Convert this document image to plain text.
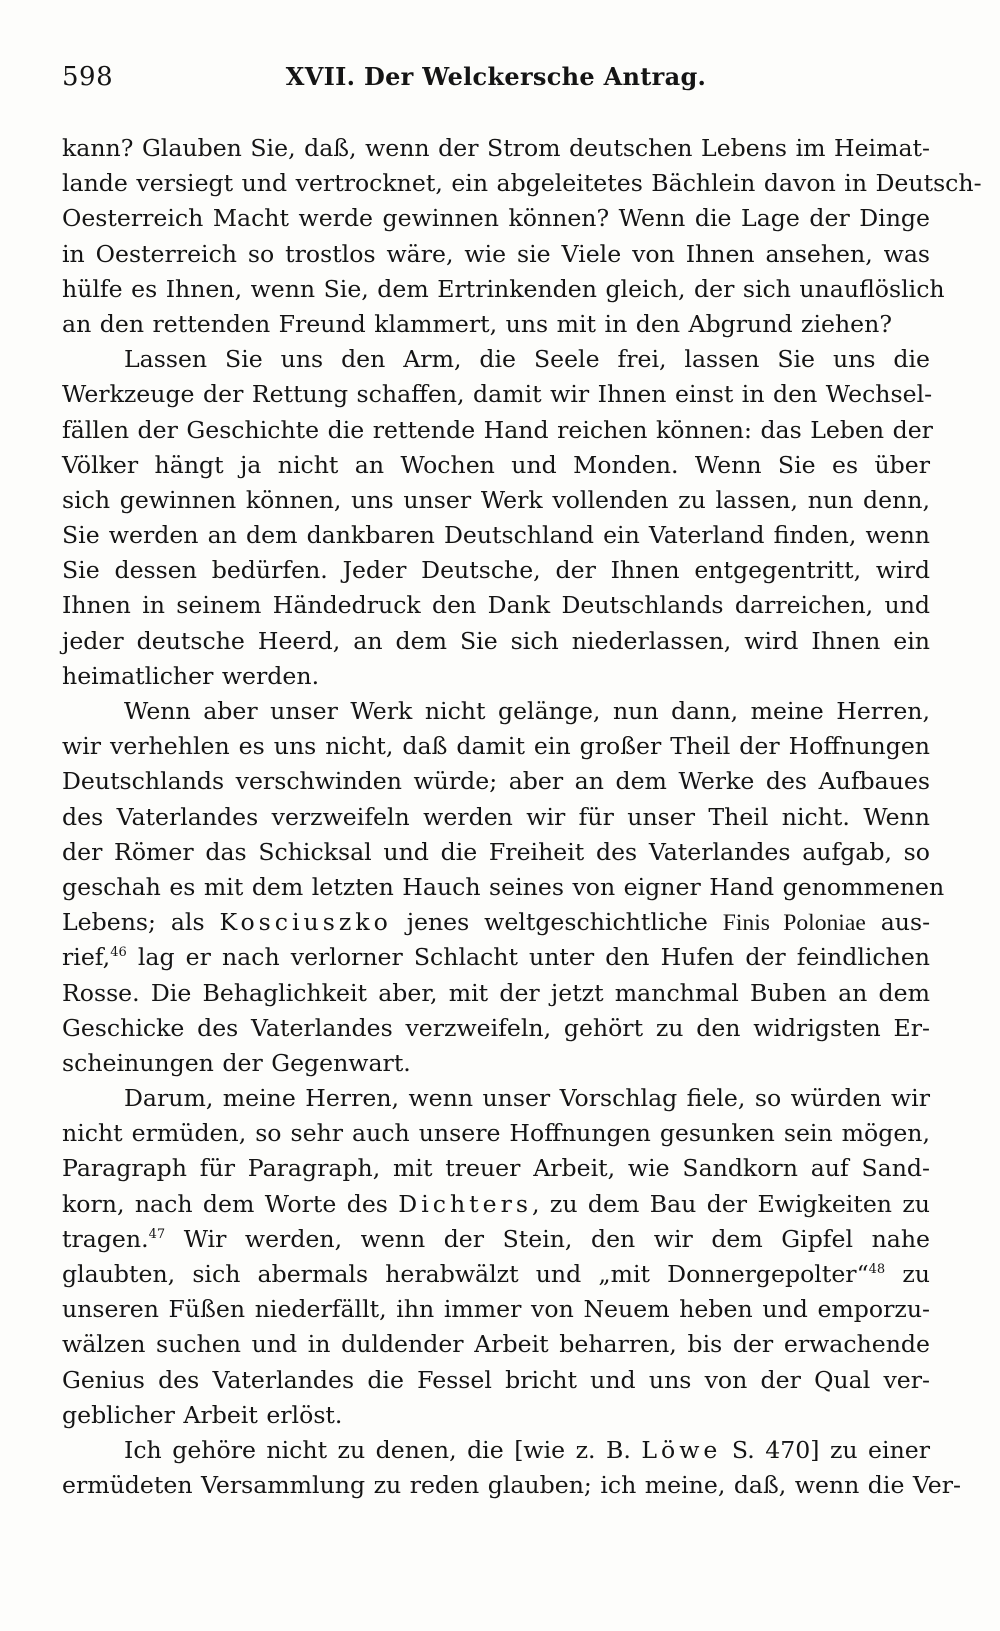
598	XVII. Der Welckersche Antrag.
kann? Glauben Sie, daß, wenn der Strom deutschen Lebens im Heimat-
lande versiegt und vertrocknet, ein abgeleitetes Bächlein davon in Deutsch-
Oesterreich Macht werde gewinnen können? Wenn die Lage der Dinge
in Oesterreich so trostlos wäre, wie sie Viele von Ihnen ansehen, was
hülfe es Ihnen, wenn Sie, dem Ertrinkenden gleich, der sich unauflöslich
an den rettenden Freund klammert, uns mit in den Abgrund ziehen?
Lassen Sie uns den Arm, die Seele frei, lassen Sie uns die
Werkzeuge der Rettung schaffen, damit wir Ihnen einst in den Wechsel-
fällen der Geschichte die rettende Hand reichen können: das Leben der
Völker hängt ja nicht an Wochen und Monden. Wenn Sie es über
sich gewinnen können, uns unser Werk vollenden zu lassen, nun denn,
Sie werden an dem dankbaren Deutschland ein Vaterland finden, wenn
Sie dessen bedürfen. Jeder Deutsche, der Ihnen entgegentritt, wird
Ihnen in seinem Händedruck den Dank Deutschlands darreichen, und
jeder deutsche Heerd, an dem Sie sich niederlassen, wird Ihnen ein
heimatlicher werden.
Wenn aber unser Werk nicht gelänge, nun dann, meine Herren,
wir verhehlen es uns nicht, daß damit ein großer Theil der Hoffnungen
Deutschlands verschwinden würde; aber an dem Werke des Aufbaues
des Vaterlandes verzweifeln werden wir für unser Theil nicht. Wenn
der Römer das Schicksal und die Freiheit des Vaterlandes aufgab, so
geschah es mit dem letzten Hauch seines von eigner Hand genommenen
Lebens; als Kosciuszko jenes weltgeschichtliche Finis Poloniae aus-
rief,$^{46}$ lag er nach verlorner Schlacht unter den Hufen der feindlichen
Rosse. Die Behaglichkeit aber, mit der jetzt manchmal Buben an dem
Geschicke des Vaterlandes verzweifeln, gehört zu den widrigsten Er-
scheinungen der Gegenwart.
Darum, meine Herren, wenn unser Vorschlag fiele, so würden wir
nicht ermüden, so sehr auch unsere Hoffnungen gesunken sein mögen,
Paragraph für Paragraph, mit treuer Arbeit, wie Sandkorn auf Sand-
korn, nach dem Worte des Dichters, zu dem Bau der Ewigkeiten zu
tragen.$^{47}$ Wir werden, wenn der Stein, den wir dem Gipfel nahe
glaubten, sich abermals herabwälzt und „mit Donnergepolter“$^{48}$ zu
unseren Füßen niederfällt, ihn immer von Neuem heben und emporzu-
wälzen suchen und in duldender Arbeit beharren, bis der erwachende
Genius des Vaterlandes die Fessel bricht und uns von der Qual ver-
geblicher Arbeit erlöst.
Ich gehöre nicht zu denen, die [wie z. B. Löwe S. 470] zu einer
ermüdeten Versammlung zu reden glauben; ich meine, daß, wenn die Ver-
